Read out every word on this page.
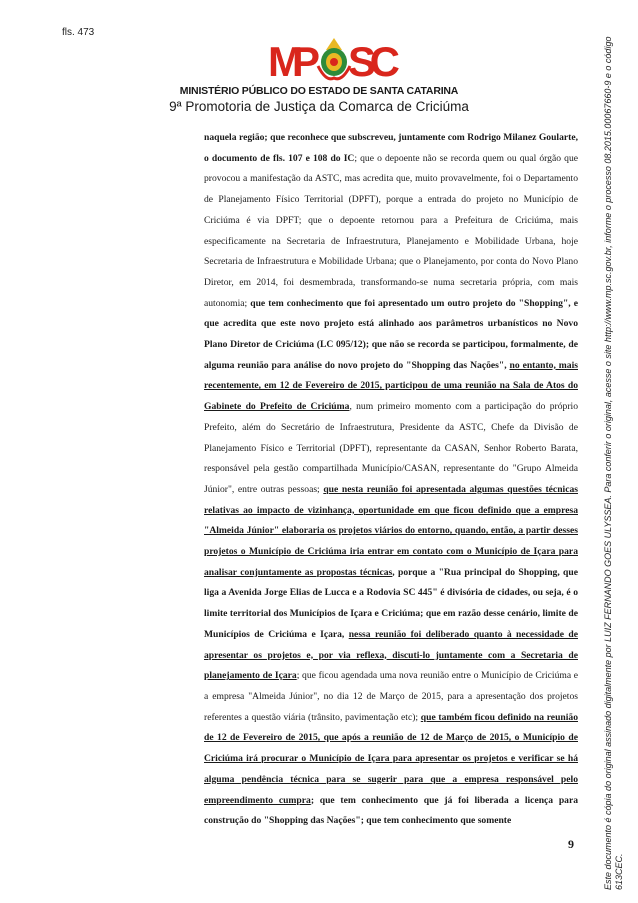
fls. 473
MP SC
MINISTÉRIO PÚBLICO DO ESTADO DE SANTA CATARINA
9ª Promotoria de Justiça da Comarca de Criciúma
naquela região; que reconhece que subscreveu, juntamente com Rodrigo Milanez Goularte, o documento de fls. 107 e 108 do IC; que o depoente não se recorda quem ou qual órgão que provocou a manifestação da ASTC, mas acredita que, muito provavelmente, foi o Departamento de Planejamento Físico Territorial (DPFT), porque a entrada do projeto no Município de Criciúma é via DPFT; que o depoente retornou para a Prefeitura de Criciúma, mais especificamente na Secretaria de Infraestrutura, Planejamento e Mobilidade Urbana, hoje Secretaria de Infraestrutura e Mobilidade Urbana; que o Planejamento, por conta do Novo Plano Diretor, em 2014, foi desmembrada, transformando-se numa secretaria própria, com mais autonomia; que tem conhecimento que foi apresentado um outro projeto do "Shopping", e que acredita que este novo projeto está alinhado aos parâmetros urbanísticos no Novo Plano Diretor de Criciúma (LC 095/12); que não se recorda se participou, formalmente, de alguma reunião para análise do novo projeto do "Shopping das Nações", no entanto, mais recentemente, em 12 de Fevereiro de 2015, participou de uma reunião na Sala de Atos do Gabinete do Prefeito de Criciúma, num primeiro momento com a participação do próprio Prefeito, além do Secretário de Infraestrutura, Presidente da ASTC, Chefe da Divisão de Planejamento Físico e Territorial (DPFT), representante da CASAN, Senhor Roberto Barata, responsável pela gestão compartilhada Município/CASAN, representante do "Grupo Almeida Júnior", entre outras pessoas; que nesta reunião foi apresentada algumas questões técnicas relativas ao impacto de vizinhança, oportunidade em que ficou definido que a empresa "Almeida Júnior" elaboraria os projetos viários do entorno, quando, então, a partir desses projetos o Município de Criciúma iria entrar em contato com o Município de Içara para analisar conjuntamente as propostas técnicas, porque a "Rua principal do Shopping, que liga a Avenida Jorge Elias de Lucca e a Rodovia SC 445" é divisória de cidades, ou seja, é o limite territorial dos Municípios de Içara e Criciúma; que em razão desse cenário, limite de Municípios de Criciúma e Içara, nessa reunião foi deliberado quanto à necessidade de apresentar os projetos e, por via reflexa, discuti-lo juntamente com a Secretaria de planejamento de Içara; que ficou agendada uma nova reunião entre o Município de Criciúma e a empresa "Almeida Júnior", no dia 12 de Março de 2015, para a apresentação dos projetos referentes a questão viária (trânsito, pavimentação etc); que também ficou definido na reunião de 12 de Fevereiro de 2015, que após a reunião de 12 de Março de 2015, o Município de Criciúma irá procurar o Município de Içara para apresentar os projetos e verificar se há alguma pendência técnica para se sugerir para que a empresa responsável pelo empreendimento cumpra; que tem conhecimento que já foi liberada a licença para construção do "Shopping das Nações"; que tem conhecimento que somente
9	Este documento é cópia do original assinado digitalmente por LUIZ FERNANDO GOES ULYSSEA. Para conferir o original, acesse o site http://www.mp.sc.gov.br, informe o processo 08.2015.00067660-9 e o código 613CEC.
